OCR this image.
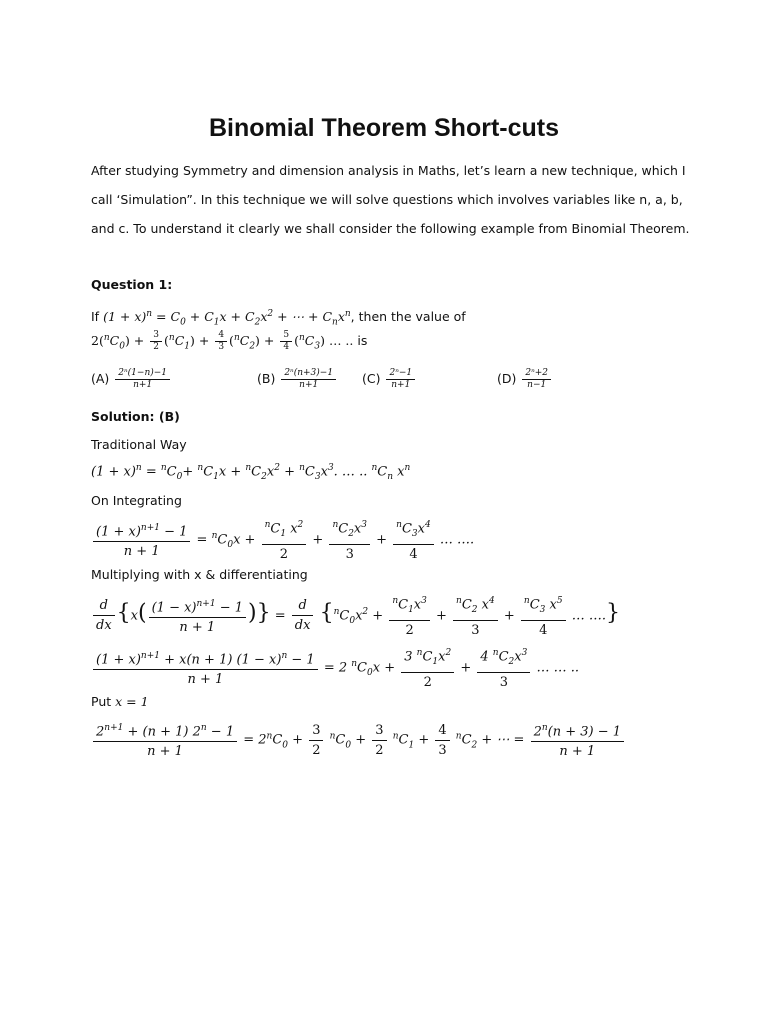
Binomial Theorem Short-cuts
After studying Symmetry and dimension analysis in Maths, let’s learn a new technique, which I
call ‘Simulation”. In this technique we will solve questions which involves variables like n, a, b,
and c. To understand it clearly we shall consider the following example from Binomial Theorem.
Question 1:
If $(1 + x)^n = C_0 + C_1x + C_2x^2$ + ⋯ + $C_nx^n$, then the value of
$2(^nC_0) + \frac{3}{2} (^nC_1) + \frac{4}{3} (^nC_2) + \frac{5}{4} (^nC_3)$ … .. is
$(A) \frac{\text{2ⁿ(1−n)−1}}{n+1}$	$(B) \frac{\text{2ⁿ(n+3)−1}}{n+1} (C) \frac{\text{2ⁿ−1}}{n+1}$	$(D) \frac{\text{2ⁿ+2}}{n-1}$
Solution: (B)
Traditional Way
$(1 + x)^n = ^nC_0+ ^nC_1x + ^nC_2x^2 + ^nC_3x^3$. … .. $^nC_n$ $x^n$
On Integrating
$\frac{(1 + x)^{n+1} - 1}{n + 1} = ^nC_0x + \frac{^nC_1 x^2}{2} + \frac{^nC_2x^3}{3} + \frac{^nC_3x^4}{4}$ … ….
Multiplying with x & differentiating
$\frac{d}{dx} \{x( \frac{(1 - x)^{n+1} - 1}{n + 1}$ )} = $\frac{d}{dx} \{^nC_0x^2 + \frac{^nC_1x^3}{2} + \frac{^nC_2 x^4}{3} + \frac{^nC_3 x^5}{4}$ … ….}
$\frac{(1 + x)^{n+1} + x(n + 1) (1 - x)^n - 1}{n + 1} = 2$ $^nC_0x + \frac{3 ^nC_1x^2}{2} + \frac{4 ^nC_2x^3}{3}$ … … ..
Put x = 1
$\frac{2^{n+1} + (n + 1) 2^n - 1}{n + 1} = 2^nC_0 + \frac{3}{2} ^nC_0 + \frac{3}{2} ^nC_1 + \frac{4}{3} ^nC_2$ + ⋯ = $\frac{2^n(n + 3) - 1}{n + 1}$
